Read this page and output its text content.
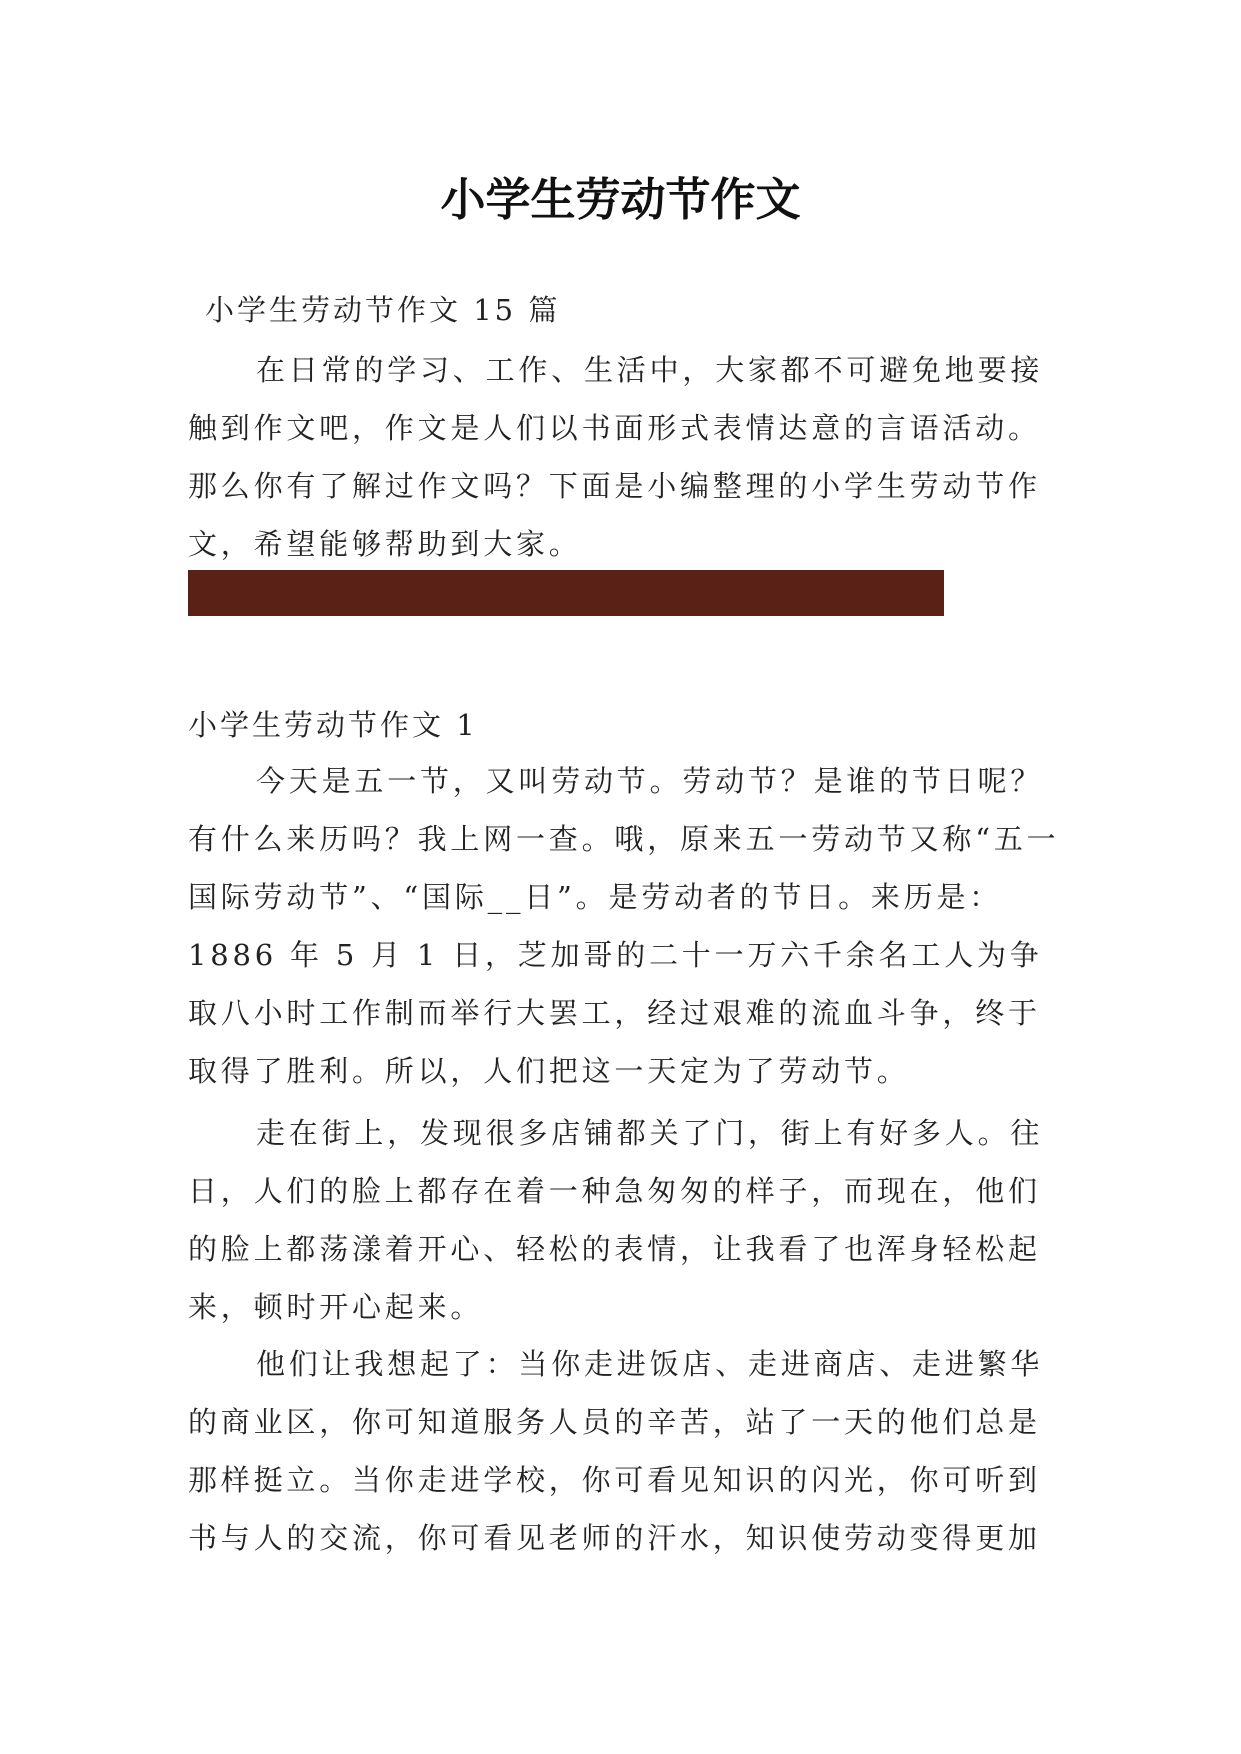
小学生劳动节作文
小学生劳动节作文 15 篇

在日常的学习、工作、生活中，大家都不可避免地要接触到作文吧，作文是人们以书面形式表情达意的言语活动。那么你有了解过作文吗？下面是小编整理的小学生劳动节作文，希望能够帮助到大家。

小学生劳动节作文 1

今天是五一节，又叫劳动节。劳动节？是谁的节日呢？有什么来历吗？我上网一查。哦，原来五一劳动节又称“五一国际劳动节”、“国际__日”。是劳动者的节日。来历是：1886 年 5 月 1 日，芝加哥的二十一万六千余名工人为争取八小时工作制而举行大罢工，经过艰难的流血斗争，终于取得了胜利。所以，人们把这一天定为了劳动节。

走在街上，发现很多店铺都关了门，街上有好多人。往日，人们的脸上都存在着一种急匆匆的样子，而现在，他们的脸上都荡漾着开心、轻松的表情，让我看了也浑身轻松起来，顿时开心起来。

他们让我想起了：当你走进饭店、走进商店、走进繁华的商业区，你可知道服务人员的辛苦，站了一天的他们总是那样挺立。当你走进学校，你可看见知识的闪光，你可听到书与人的交流，你可看见老师的汗水，知识使劳动变得更加
